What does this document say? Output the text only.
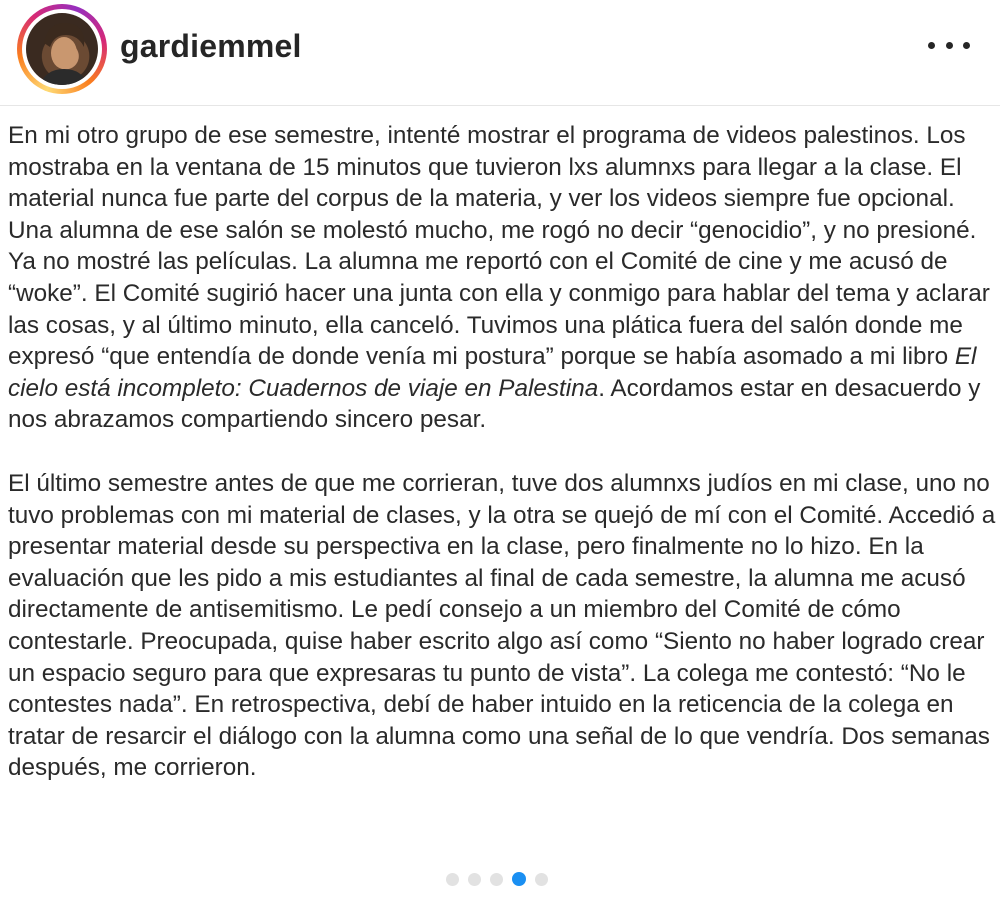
gardiemmel

En mi otro grupo de ese semestre, intenté mostrar el programa de videos palestinos. Los mostraba en la ventana de 15 minutos que tuvieron lxs alumnxs para llegar a la clase. El material nunca fue parte del corpus de la materia, y ver los videos siempre fue opcional. Una alumna de ese salón se molestó mucho, me rogó no decir “genocidio”, y no presioné. Ya no mostré las películas. La alumna me reportó con el Comité de cine y me acusó de “woke”. El Comité sugirió hacer una junta con ella y conmigo para hablar del tema y aclarar las cosas, y al último minuto, ella canceló. Tuvimos una plática fuera del salón donde me expresó “que entendía de donde venía mi postura” porque se había asomado a mi libro El cielo está incompleto: Cuadernos de viaje en Palestina. Acordamos estar en desacuerdo y nos abrazamos compartiendo sincero pesar.

El último semestre antes de que me corrieran, tuve dos alumnxs judíos en mi clase, uno no tuvo problemas con mi material de clases, y la otra se quejó de mí con el Comité. Accedió a presentar material desde su perspectiva en la clase, pero finalmente no lo hizo. En la evaluación que les pido a mis estudiantes al final de cada semestre, la alumna me acusó directamente de antisemitismo. Le pedí consejo a un miembro del Comité de cómo contestarle. Preocupada, quise haber escrito algo así como “Siento no haber logrado crear un espacio seguro para que expresaras tu punto de vista”. La colega me contestó: “No le contestes nada”. En retrospectiva, debí de haber intuido en la reticencia de la colega en tratar de resarcir el diálogo con la alumna como una señal de lo que vendría. Dos semanas después, me corrieron.
